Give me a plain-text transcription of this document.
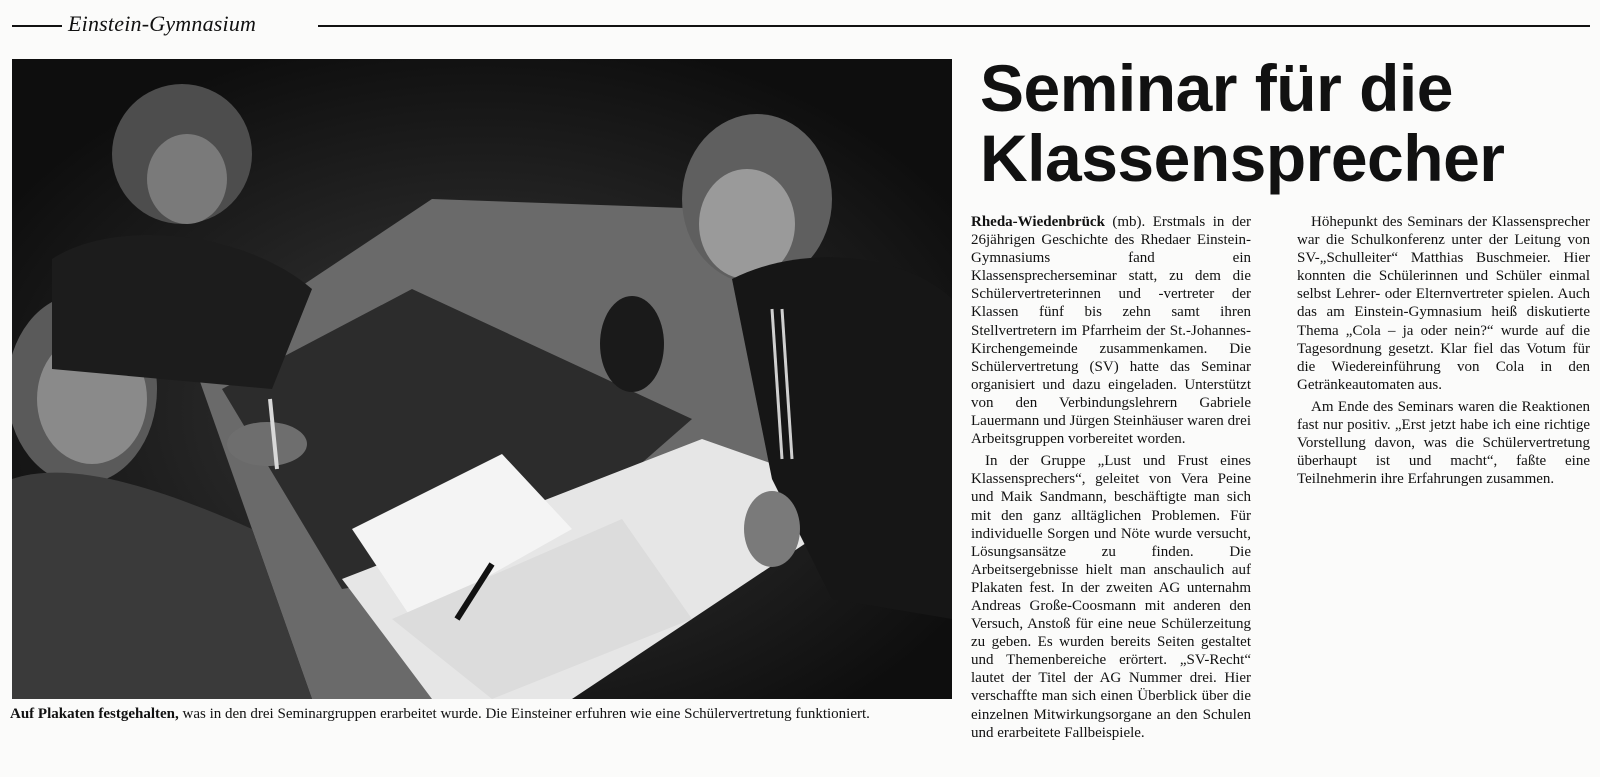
Einstein-Gymnasium
Auf Plakaten festgehalten, was in den drei Seminargruppen erarbeitet wurde. Die Einsteiner erfuhren wie eine Schülervertretung funktioniert.
Seminar für die
Klassensprecher

Rheda-Wiedenbrück (mb). Erstmals in der 26jährigen Geschichte des Rhedaer Einstein-Gymnasiums fand ein Klassensprecherseminar statt, zu dem die Schülervertreterinnen und -vertreter der Klassen fünf bis zehn samt ihren Stellvertretern im Pfarrheim der St.-Johannes-Kirchengemeinde zusammenkamen. Die Schülervertretung (SV) hatte das Seminar organisiert und dazu eingeladen. Unterstützt von den Verbindungslehrern Gabriele Lauermann und Jürgen Steinhäuser waren drei Arbeitsgruppen vorbereitet worden.

In der Gruppe „Lust und Frust eines Klassensprechers“, geleitet von Vera Peine und Maik Sandmann, beschäftigte man sich mit den ganz alltäglichen Problemen. Für individuelle Sorgen und Nöte wurde versucht, Lösungsansätze zu finden. Die Arbeitsergebnisse hielt man anschaulich auf Plakaten fest. In der zweiten AG unternahm Andreas Große-Coosmann mit anderen den Versuch, Anstoß für eine neue Schülerzeitung zu geben. Es wurden bereits Seiten gestaltet und Themenbereiche erörtert. „SV-Recht“ lautet der Titel der AG Nummer drei. Hier verschaffte man sich einen Überblick über die einzelnen Mitwirkungsorgane an den Schulen und erarbeitete Fallbeispiele.

Höhepunkt des Seminars der Klassensprecher war die Schulkonferenz unter der Leitung von SV-„Schulleiter“ Matthias Buschmeier. Hier konnten die Schülerinnen und Schüler einmal selbst Lehrer- oder Elternvertreter spielen. Auch das am Einstein-Gymnasium heiß diskutierte Thema „Cola – ja oder nein?“ wurde auf die Tagesordnung gesetzt. Klar fiel das Votum für die Wiedereinführung von Cola in den Getränkeautomaten aus.

Am Ende des Seminars waren die Reaktionen fast nur positiv. „Erst jetzt habe ich eine richtige Vorstellung davon, was die Schülervertretung überhaupt ist und macht“, faßte eine Teilnehmerin ihre Erfahrungen zusammen.
